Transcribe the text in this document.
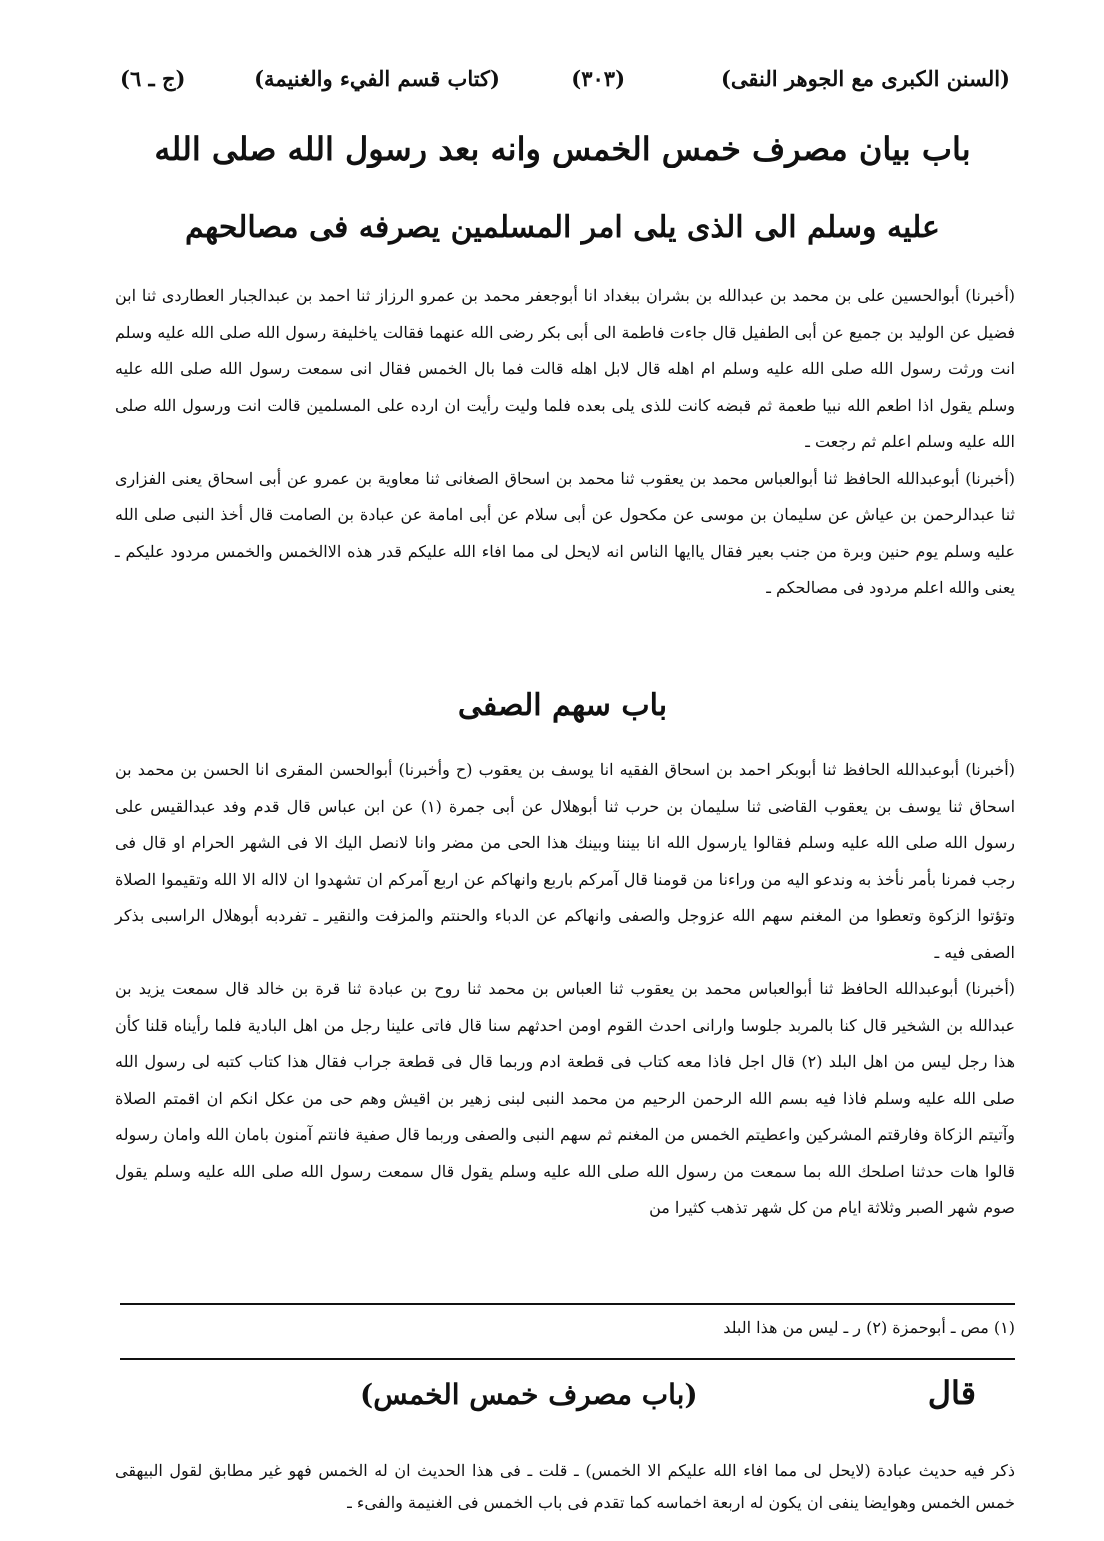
(السنن الكبرى مع الجوهر النقى)
(٣٠٣)
(كتاب قسم الفيء والغنيمة)
(ج ـ ٦)
باب بيان مصرف خمس الخمس وانه بعد رسول الله صلى الله
عليه وسلم الى الذى يلى امر المسلمين يصرفه فى مصالحهم

(أخبرنا) أبوالحسين على بن محمد بن عبدالله بن بشران ببغداد انا أبوجعفر محمد بن عمرو الرزاز ثنا احمد بن عبدالجبار العطاردى ثنا ابن فضيل عن الوليد بن جميع عن أبى الطفيل قال جاءت فاطمة الى أبى بكر رضى الله عنهما فقالت ياخليفة رسول الله صلى الله عليه وسلم انت ورثت رسول الله صلى الله عليه وسلم ام اهله قال لابل اهله قالت فما بال الخمس فقال انى سمعت رسول الله صلى الله عليه وسلم يقول اذا اطعم الله نبيا طعمة ثم قبضه كانت للذى يلى بعده فلما وليت رأيت ان ارده على المسلمين قالت انت ورسول الله صلى الله عليه وسلم اعلم ثم رجعت ـ

(أخبرنا) أبوعبدالله الحافظ ثنا أبوالعباس محمد بن يعقوب ثنا محمد بن اسحاق الصغانى ثنا معاوية بن عمرو عن أبى اسحاق يعنى الفزارى ثنا عبدالرحمن بن عياش عن سليمان بن موسى عن مكحول عن أبى سلام عن أبى امامة عن عبادة بن الصامت قال أخذ النبى صلى الله عليه وسلم يوم حنين وبرة من جنب بعير فقال ياايها الناس انه لايحل لى مما افاء الله عليكم قدر هذه الاالخمس والخمس مردود عليكم ـ يعنى والله اعلم مردود فى مصالحكم ـ

باب سهم الصفى

(أخبرنا) أبوعبدالله الحافظ ثنا أبوبكر احمد بن اسحاق الفقيه انا يوسف بن يعقوب (ح وأخبرنا) أبوالحسن المقرى انا الحسن بن محمد بن اسحاق ثنا يوسف بن يعقوب القاضى ثنا سليمان بن حرب ثنا أبوهلال عن أبى جمرة (١) عن ابن عباس قال قدم وفد عبدالقيس على رسول الله صلى الله عليه وسلم فقالوا يارسول الله انا بيننا وبينك هذا الحى من مضر وانا لانصل اليك الا فى الشهر الحرام او قال فى رجب فمرنا بأمر نأخذ به وندعو اليه من وراءنا من قومنا قال آمركم باربع وانهاكم عن اربع آمركم ان تشهدوا ان لااله الا الله وتقيموا الصلاة وتؤتوا الزكوة وتعطوا من المغنم سهم الله عزوجل والصفى وانهاكم عن الدباء والحنتم والمزفت والنقير ـ تفردبه أبوهلال الراسبى بذكر الصفى فيه ـ

(أخبرنا) أبوعبدالله الحافظ ثنا أبوالعباس محمد بن يعقوب ثنا العباس بن محمد ثنا روح بن عبادة ثنا قرة بن خالد قال سمعت يزيد بن عبدالله بن الشخير قال كنا بالمربد جلوسا وارانى احدث القوم اومن احدثهم سنا قال فاتى علينا رجل من اهل البادية فلما رأيناه قلنا كأن هذا رجل ليس من اهل البلد (٢) قال اجل فاذا معه كتاب فى قطعة ادم وربما قال فى قطعة جراب فقال هذا كتاب كتبه لى رسول الله صلى الله عليه وسلم فاذا فيه بسم الله الرحمن الرحيم من محمد النبى لبنى زهير بن اقيش وهم حى من عكل انكم ان اقمتم الصلاة وآتيتم الزكاة وفارقتم المشركين واعطيتم الخمس من المغنم ثم سهم النبى والصفى وربما قال صفية فانتم آمنون بامان الله وامان رسوله قالوا هات حدثنا اصلحك الله بما سمعت من رسول الله صلى الله عليه وسلم يقول قال سمعت رسول الله صلى الله عليه وسلم يقول صوم شهر الصبر وثلاثة ايام من كل شهر تذهب كثيرا من

(١) مص ـ أبوحمزة (٢) ر ـ ليس من هذا البلد
قال
(باب مصرف خمس الخمس)

ذكر فيه حديث عبادة (لايحل لى مما افاء الله عليكم الا الخمس) ـ قلت ـ فى هذا الحديث ان له الخمس فهو غير مطابق لقول البيهقى خمس الخمس وهوايضا ينفى ان يكون له اربعة اخماسه كما تقدم فى باب الخمس فى الغنيمة والفىء ـ
